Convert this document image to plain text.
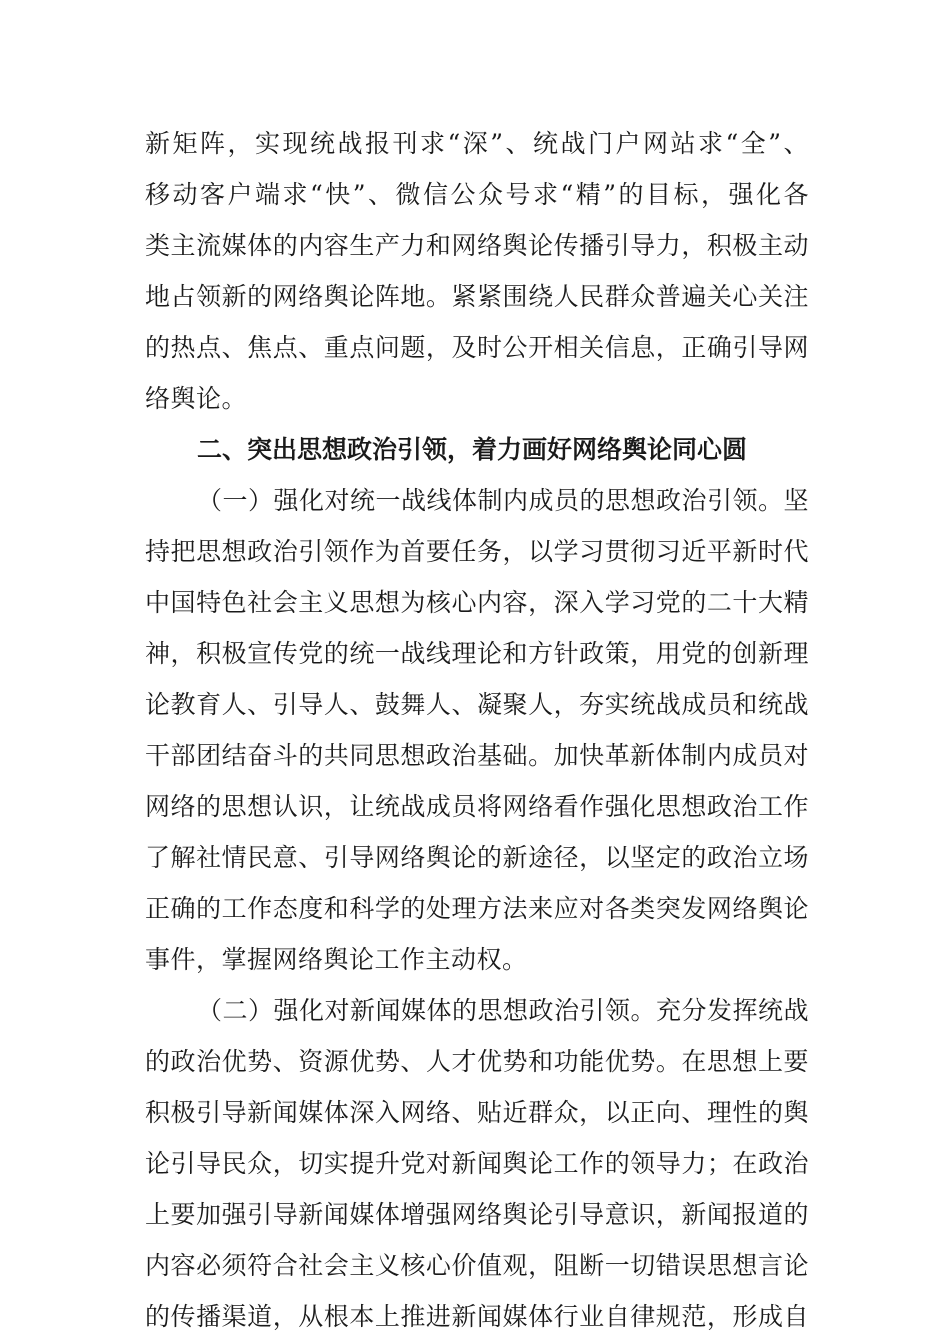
新矩阵，实现统战报刊求“深”、统战门户网站求“全”、
移动客户端求“快”、微信公众号求“精”的目标，强化各
类主流媒体的内容生产力和网络舆论传播引导力，积极主动
地占领新的网络舆论阵地。紧紧围绕人民群众普遍关心关注
的热点、焦点、重点问题，及时公开相关信息，正确引导网
络舆论。
二、突出思想政治引领，着力画好网络舆论同心圆
（一）强化对统一战线体制内成员的思想政治引领。坚
持把思想政治引领作为首要任务，以学习贯彻习近平新时代
中国特色社会主义思想为核心内容，深入学习党的二十大精
神，积极宣传党的统一战线理论和方针政策，用党的创新理
论教育人、引导人、鼓舞人、凝聚人，夯实统战成员和统战
干部团结奋斗的共同思想政治基础。加快革新体制内成员对
网络的思想认识，让统战成员将网络看作强化思想政治工作
了解社情民意、引导网络舆论的新途径，以坚定的政治立场
正确的工作态度和科学的处理方法来应对各类突发网络舆论
事件，掌握网络舆论工作主动权。
（二）强化对新闻媒体的思想政治引领。充分发挥统战
的政治优势、资源优势、人才优势和功能优势。在思想上要
积极引导新闻媒体深入网络、贴近群众，以正向、理性的舆
论引导民众，切实提升党对新闻舆论工作的领导力；在政治
上要加强引导新闻媒体增强网络舆论引导意识，新闻报道的
内容必须符合社会主义核心价值观，阻断一切错误思想言论
的传播渠道，从根本上推进新闻媒体行业自律规范，形成自
